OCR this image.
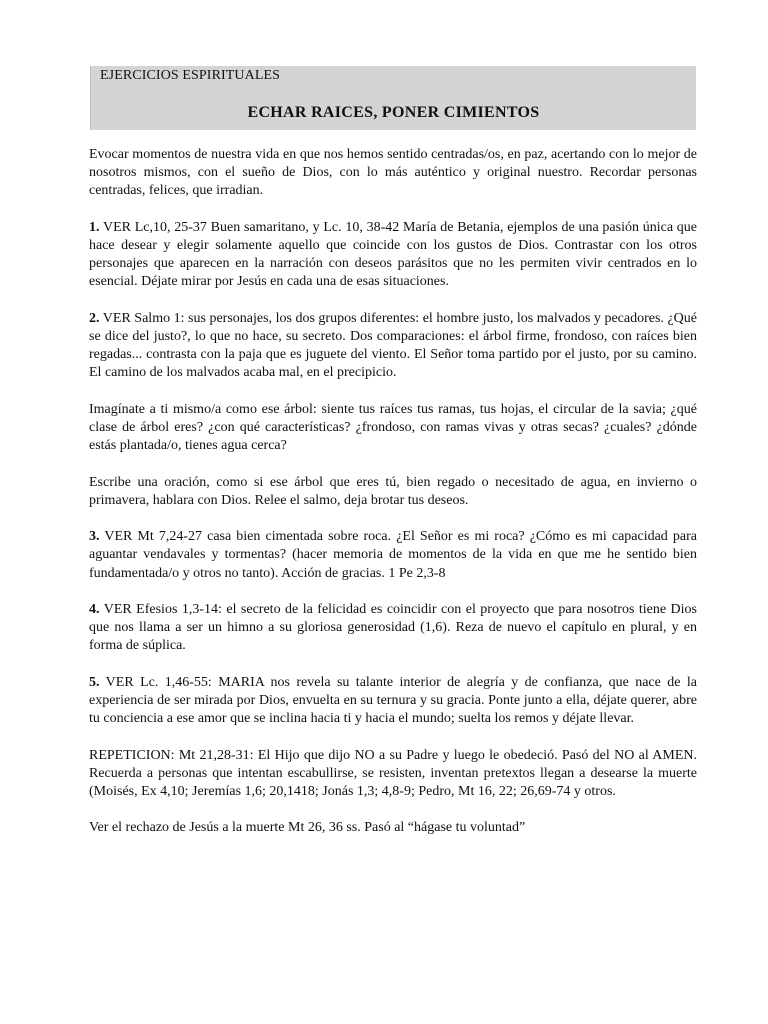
EJERCICIOS ESPIRITUALES
ECHAR RAICES, PONER CIMIENTOS

Evocar momentos de nuestra vida en que nos hemos sentido centradas/os, en paz, acertando con lo mejor de nosotros mismos, con el sueño de Dios, con lo más auténtico y original nuestro. Recordar personas centradas, felices, que irradian.

1. VER Lc,10, 25-37 Buen samaritano, y Lc. 10, 38-42 María de Betania, ejemplos de una pasión única que hace desear y elegir solamente aquello que coincide con los gustos de Dios. Contrastar con los otros personajes que aparecen en la narración con deseos parásitos que no les permiten vivir centrados en lo esencial. Déjate mirar por Jesús en cada una de esas situaciones.

2. VER Salmo 1: sus personajes, los dos grupos diferentes: el hombre justo, los malvados y pecadores. ¿Qué se dice del justo?, lo que no hace, su secreto. Dos comparaciones: el árbol firme, frondoso, con raíces bien regadas... contrasta con la paja que es juguete del viento. El Señor toma partido por el justo, por su camino. El camino de los malvados acaba mal, en el precipicio.

Imagínate a ti mismo/a como ese árbol: siente tus raíces tus ramas, tus hojas, el circular de la savia; ¿qué clase de árbol eres? ¿con qué características? ¿frondoso, con ramas vivas y otras secas? ¿cuales? ¿dónde estás plantada/o, tienes agua cerca?

Escribe una oración, como si ese árbol que eres tú, bien regado o necesitado de agua, en invierno o primavera, hablara con Dios. Relee el salmo, deja brotar tus deseos.

3. VER Mt 7,24-27 casa bien cimentada sobre roca. ¿El Señor es mi roca? ¿Cómo es mi capacidad para aguantar vendavales y tormentas? (hacer memoria de momentos de la vida en que me he sentido bien fundamentada/o y otros no tanto). Acción de gracias. 1 Pe 2,3-8

4. VER Efesios 1,3-14: el secreto de la felicidad es coincidir con el proyecto que para nosotros tiene Dios que nos llama a ser un himno a su gloriosa generosidad (1,6). Reza de nuevo el capítulo en plural, y en forma de súplica.

5. VER Lc. 1,46-55: MARIA nos revela su talante interior de alegría y de confianza, que nace de la experiencia de ser mirada por Dios, envuelta en su ternura y su gracia. Ponte junto a ella, déjate querer, abre tu conciencia a ese amor que se inclina hacia ti y hacia el mundo; suelta los remos y déjate llevar.

REPETICION: Mt 21,28-31: El Hijo que dijo NO a su Padre y luego le obedeció. Pasó del NO al AMEN. Recuerda a personas que intentan escabullirse, se resisten, inventan pretextos llegan a desearse la muerte (Moisés, Ex 4,10; Jeremías 1,6; 20,1418; Jonás 1,3; 4,8-9; Pedro, Mt 16, 22; 26,69-74 y otros.

Ver el rechazo de Jesús a la muerte Mt 26, 36 ss. Pasó al “hágase tu voluntad”
